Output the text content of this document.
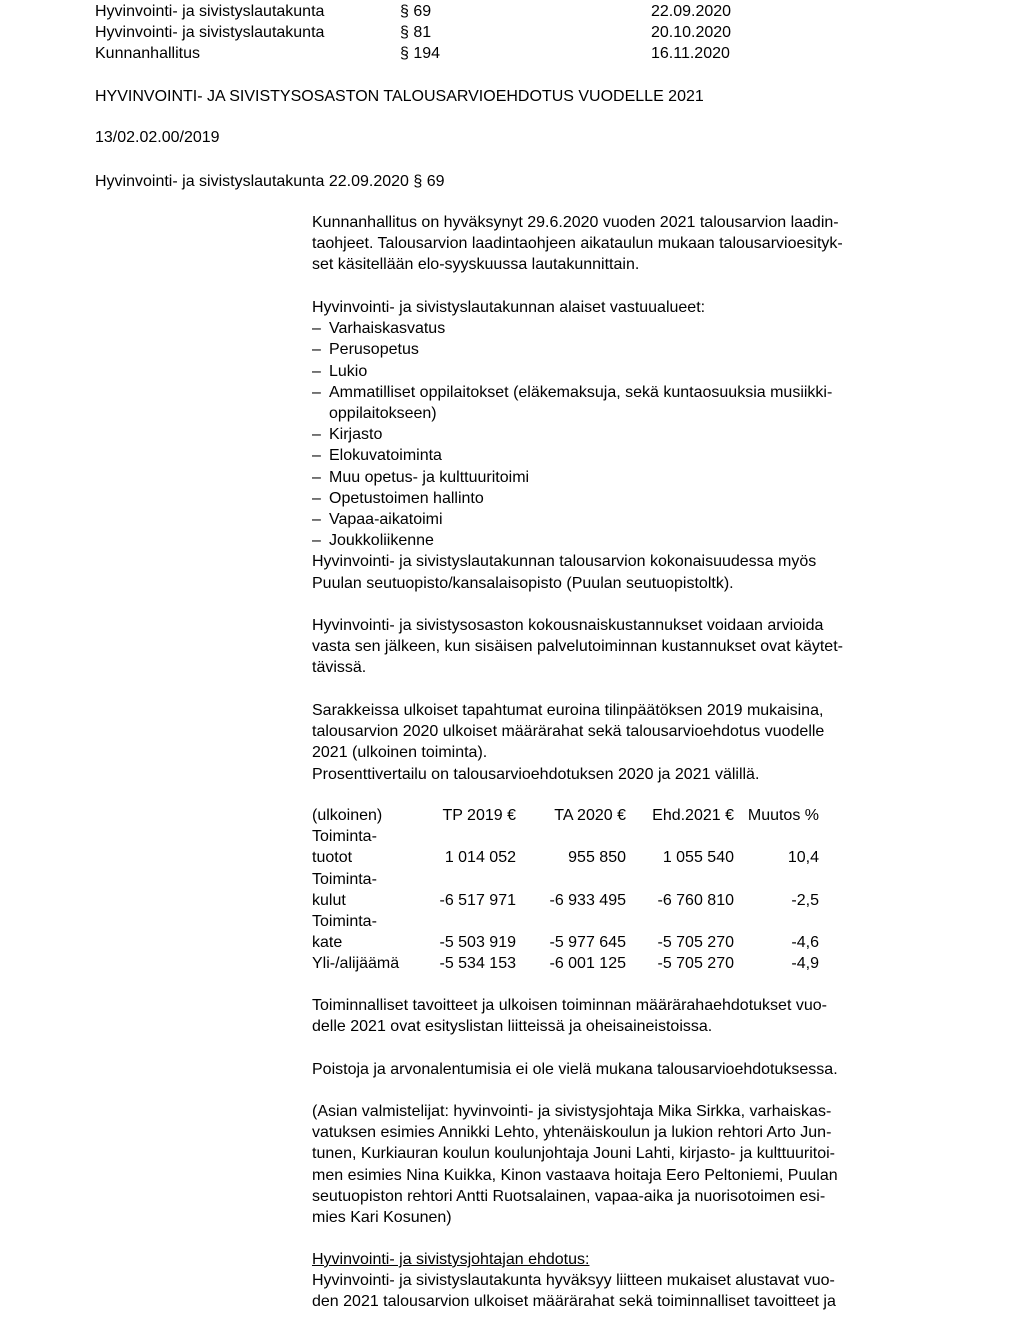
Hyvinvointi- ja sivistyslautakunta	§ 69	22.09.2020
Hyvinvointi- ja sivistyslautakunta	§ 81	20.10.2020
Kunnanhallitus	§ 194	16.11.2020
HYVINVOINTI- JA SIVISTYSOSASTON TALOUSARVIOEHDOTUS VUODELLE 2021
13/02.02.00/2019
Hyvinvointi- ja sivistyslautakunta 22.09.2020 § 69

Kunnanhallitus on hyväksynyt 29.6.2020 vuoden 2021 talousarvion laadin-

taohjeet. Talousarvion laadintaohjeen aikataulun mukaan talousarvioesityk-

set käsitellään elo-syyskuussa lautakunnittain.

Hyvinvointi- ja sivistyslautakunnan alaiset vastuualueet:

– Varhaiskasvatus
– Perusopetus
– Lukio
– Ammatilliset oppilaitokset (eläkemaksuja, sekä kuntaosuuksia musiikki-oppilaitokseen)
– Kirjasto
– Elokuvatoiminta
– Muu opetus- ja kulttuuritoimi
– Opetustoimen hallinto
– Vapaa-aikatoimi
– Joukkoliikenne

Hyvinvointi- ja sivistyslautakunnan talousarvion kokonaisuudessa myös

Puulan seutuopisto/kansalaisopisto (Puulan seutuopistoltk).

Hyvinvointi- ja sivistysosaston kokousnaiskustannukset voidaan arvioida

vasta sen jälkeen, kun sisäisen palvelutoiminnan kustannukset ovat käytet-

tävissä.

Sarakkeissa ulkoiset tapahtumat euroina tilinpäätöksen 2019 mukaisina,

talousarvion 2020 ulkoiset määrärahat sekä talousarvioehdotus vuodelle

2021 (ulkoinen toiminta).

Prosenttivertailu on talousarvioehdotuksen 2020 ja 2021 välillä.

(ulkoinen)	TP 2019 €	TA 2020 €	Ehd.2021 €	Muutos %

Toiminta-
tuotot	1 014 052	955 850	1 055 540	10,4

Toiminta-
kulut	-6 517 971	-6 933 495	-6 760 810	-2,5

Toiminta-
kate	-5 503 919	-5 977 645	-5 705 270	-4,6
Yli-/alijäämä	-5 534 153	-6 001 125	-5 705 270	-4,9

Toiminnalliset tavoitteet ja ulkoisen toiminnan määrärahaehdotukset vuo-

delle 2021 ovat esityslistan liitteissä ja oheisaineistoissa.

Poistoja ja arvonalentumisia ei ole vielä mukana talousarvioehdotuksessa.

(Asian valmistelijat: hyvinvointi- ja sivistysjohtaja Mika Sirkka, varhaiskas-

vatuksen esimies Annikki Lehto, yhtenäiskoulun ja lukion rehtori Arto Jun-

tunen, Kurkiauran koulun koulunjohtaja Jouni Lahti, kirjasto- ja kulttuuritoi-

men esimies Nina Kuikka, Kinon vastaava hoitaja Eero Peltoniemi, Puulan

seutuopiston rehtori Antti Ruotsalainen, vapaa-aika ja nuorisotoimen esi-

mies Kari Kosunen)

Hyvinvointi- ja sivistysjohtajan ehdotus:

Hyvinvointi- ja sivistyslautakunta hyväksyy liitteen mukaiset alustavat vuo-

den 2021 talousarvion ulkoiset määrärahat sekä toiminnalliset tavoitteet ja
